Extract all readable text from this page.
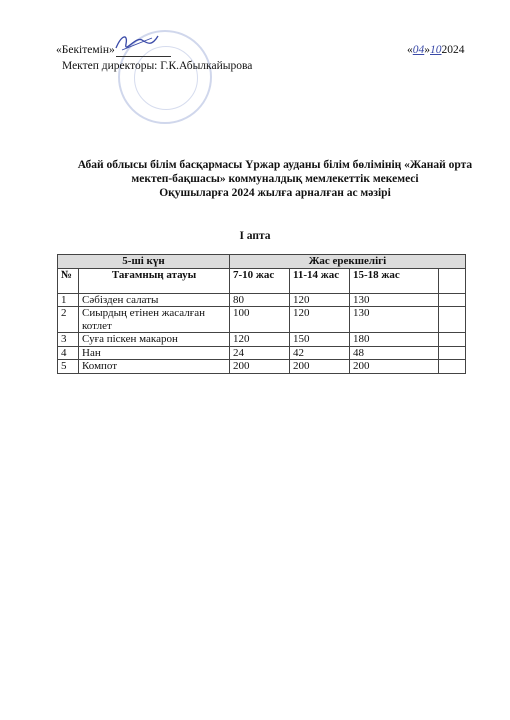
«Бекітемін»	«04»102024
Мектеп директоры: Г.К.Абылкайырова
Абай облысы білім басқармасы Үржар ауданы білім бөлімінің «Жанай орта
мектеп-бақшасы» коммуналдық мемлекеттік мекемесі
Оқушыларға 2024 жылға арналған ас мәзірі
I апта
5-ші күн		Жас ерекшелігі			
№	Тағамның атауы	7-10 жас	11-14 жас	15-18 жас	
1	Сәбізден салаты	80	120	130	
2	Сиырдың етінен жасалған котлет	100	120	130	
3	Суға піскен макарон	120	150	180	
4	Нан	24	42	48	
5	Компот	200	200	200	
